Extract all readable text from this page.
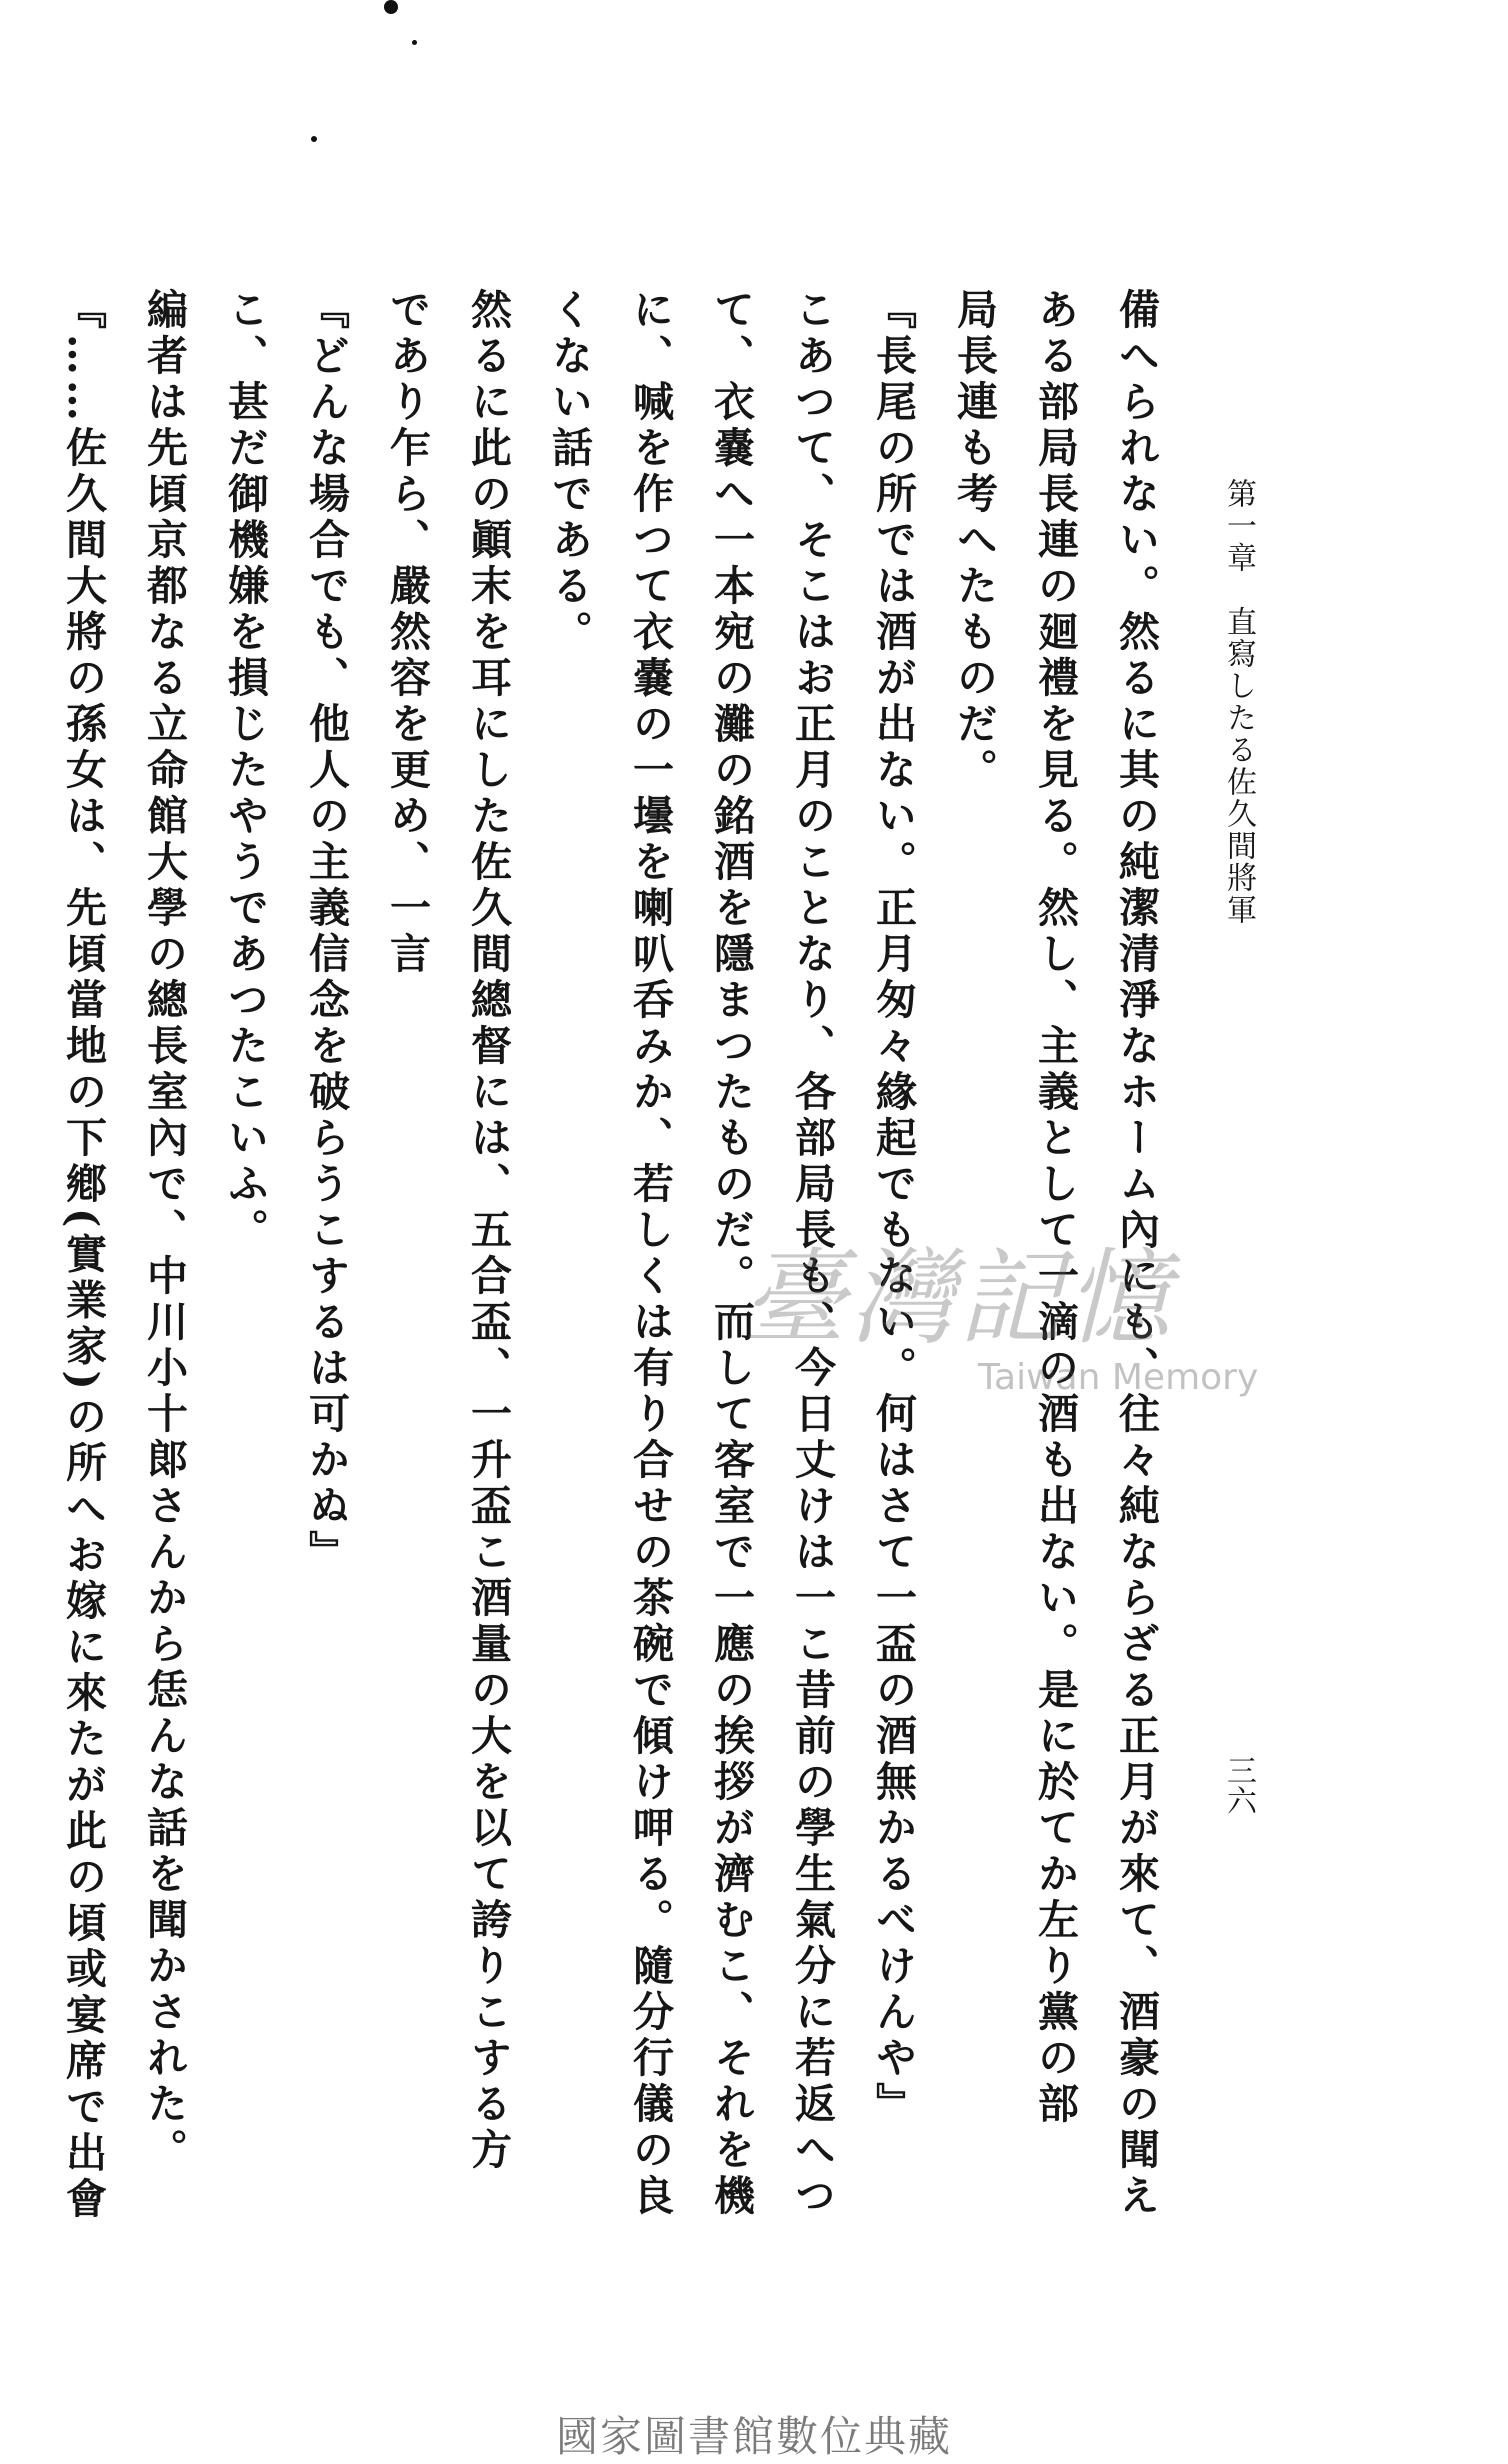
第一章　直寫したる佐久間將軍
三六

備へられない。然るに其の純潔清淨なホーム內にも、往々純ならざる正月が來て、酒豪の聞え

ある部局長連の廻禮を見る。然し、主義として一滴の酒も出ない。是に於てか左り黨の部

局長連も考へたものだ。

『長尾の所では酒が出ない。正月匆々緣起でもない。何はさて一盃の酒無かるべけんや』

こあつて、そこはお正月のことなり、各部局長も、今日丈けは一こ昔前の學生氣分に若返へつ

て、衣嚢へ一本宛の灘の銘酒を隱まつたものだ。而して客室で一應の挨拶が濟むこ、それを機

に、喊を作つて衣嚢の一壜を喇叭呑みか、若しくは有り合せの茶碗で傾け呷る。隨分行儀の良

くない話である。

然るに此の顚末を耳にした佐久間總督には、五合盃、一升盃こ酒量の大を以て誇りこする方

であり乍ら、嚴然容を更め、一言

『どんな場合でも、他人の主義信念を破らうこするは可かぬ』

こ、甚だ御機嫌を損じたやうであつたこいふ。

編者は先頃京都なる立命館大學の總長室內で、中川小十郞さんから恁んな話を聞かされた。

『……佐久間大將の孫女は、先頃當地の下鄕(實業家)の所へお嫁に來たが此の頃或宴席で出會	臺灣記憶
Taiwan Memory
國家圖書館數位典藏
